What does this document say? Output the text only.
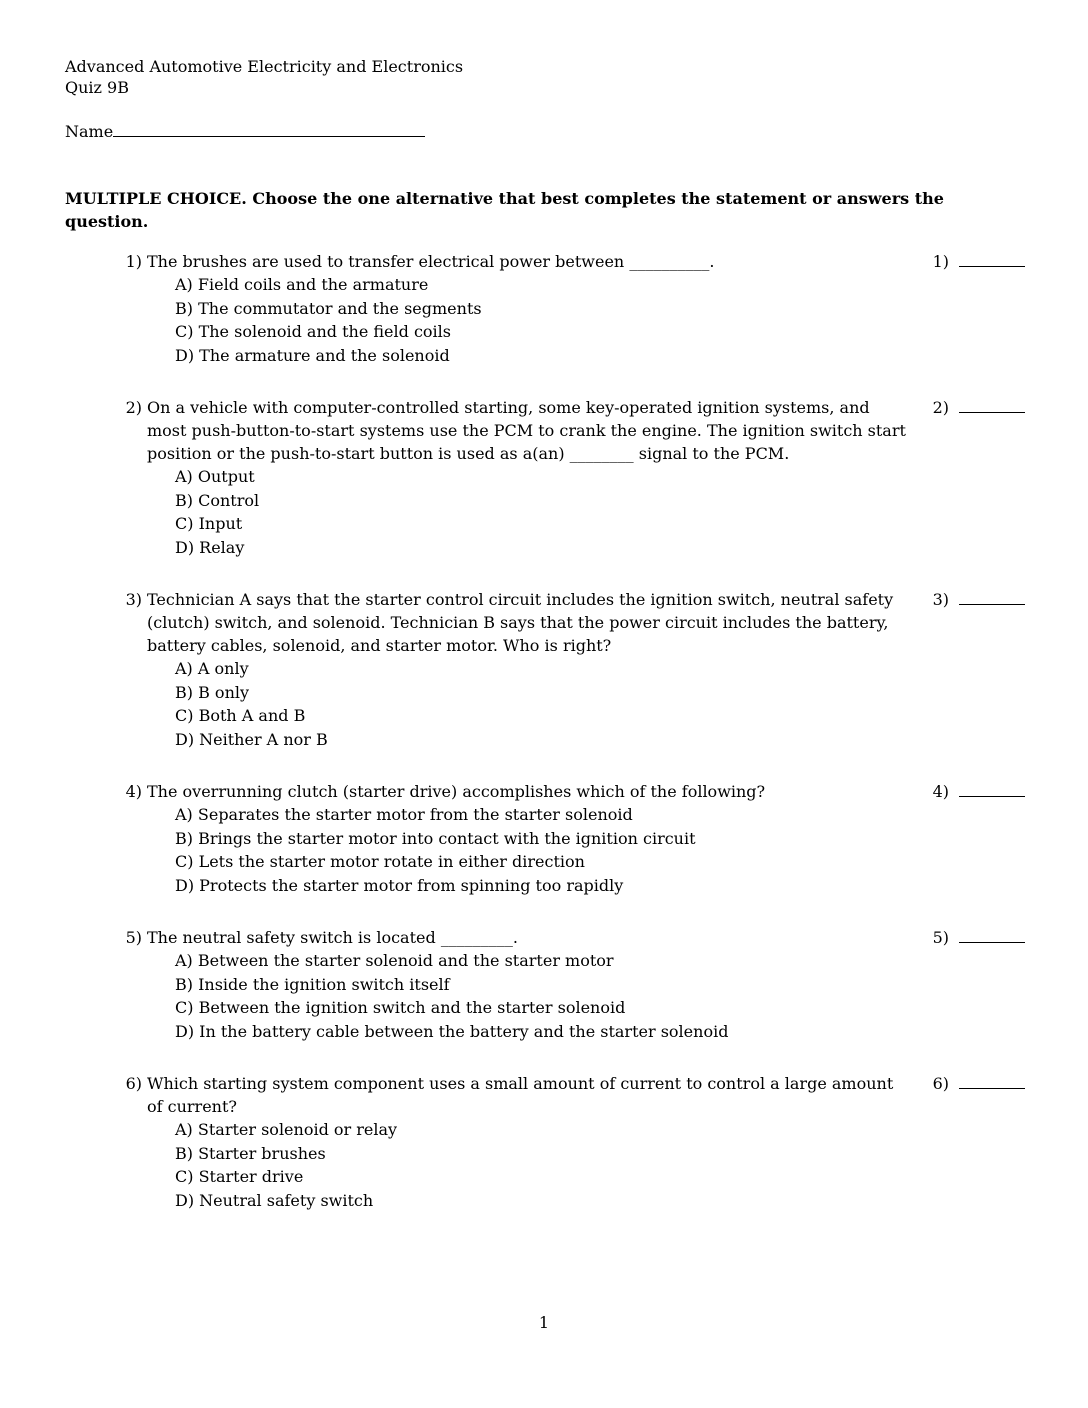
Advanced Automotive Electricity and Electronics
Quiz 9B
Name
MULTIPLE CHOICE. Choose the one alternative that best completes the statement or answers the question.
1) The brushes are used to transfer electrical power between __________.	1)
A) Field coils and the armature
B) The commutator and the segments
C) The solenoid and the field coils
D) The armature and the solenoid
2) On a vehicle with computer-controlled starting, some key-operated ignition systems, and most push-button-to-start systems use the PCM to crank the engine. The ignition switch start position or the push-to-start button is used as a(an) ________ signal to the PCM.
2)
A) Output
B) Control
C) Input
D) Relay
3) Technician A says that the starter control circuit includes the ignition switch, neutral safety (clutch) switch, and solenoid. Technician B says that the power circuit includes the battery, battery cables, solenoid, and starter motor. Who is right?
3)
A) A only
B) B only
C) Both A and B
D) Neither A nor B
4) The overrunning clutch (starter drive) accomplishes which of the following?	4)
A) Separates the starter motor from the starter solenoid
B) Brings the starter motor into contact with the ignition circuit
C) Lets the starter motor rotate in either direction
D) Protects the starter motor from spinning too rapidly
5) The neutral safety switch is located _________.	5)
A) Between the starter solenoid and the starter motor
B) Inside the ignition switch itself
C) Between the ignition switch and the starter solenoid
D) In the battery cable between the battery and the starter solenoid
6) Which starting system component uses a small amount of current to control a large amount of current?
6)
A) Starter solenoid or relay
B) Starter brushes
C) Starter drive
D) Neutral safety switch
1
